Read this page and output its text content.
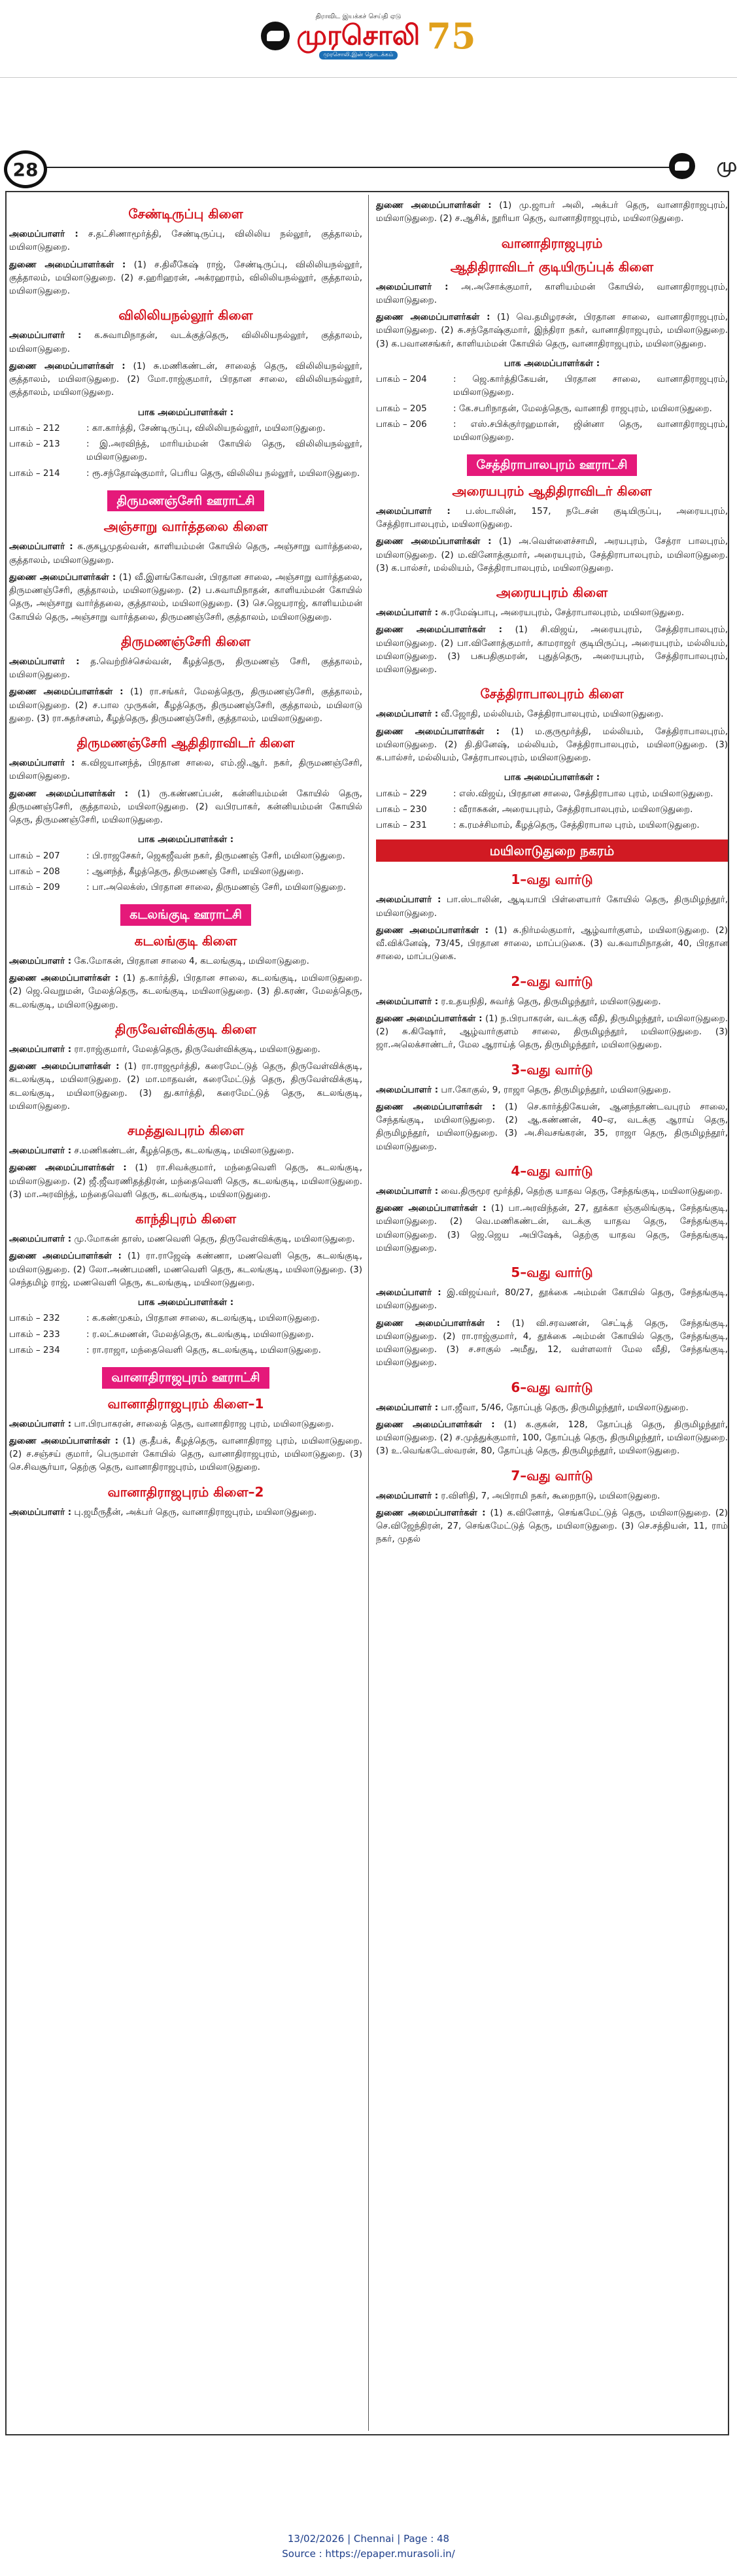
திராவிட இயக்கச் செய்தி ஏடு
முரசொலி
முரசொலி.இன் தொடக்கம் 75
28	மு
சேண்டிருப்பு கிளை
அமைப்பாளர் : ச.தட்சிணாமூர்த்தி, சேண்டிருப்பு, விலிலிய நல்லூர், குத்தாலம், மயிலாடுதுறை.
துணை அமைப்பாளர்கள் : (1) ச.திலீகேஷ் ராஜ், சேண்டிருப்பு, விலிலியநல்லூர், குத்தாலம், மயிலாடுதுறை. (2) ச.ஹரிஹரன், அக்ரஹாரம், விலிலியநல்லூர், குத்தாலம், மயிலாடுதுறை.
விலிலியநல்லூர் கிளை
அமைப்பாளர் : க.சுவாமிநாதன், வடக்குத்தெரு, விலிலியநல்லூர், குத்தாலம், மயிலாடுதுறை.
துணை அமைப்பாளர்கள் : (1) சு.மணிகண்டன், சாலைத் தெரு, விலிலியநல்லூர், குத்தாலம், மயிலாடுதுறை. (2) மோ.ராஜ்குமார், பிரதான சாலை, விலிலியநல்லூர், குத்தாலம், மயிலாடுதுறை.
பாக அமைப்பாளர்கள் :
பாகம் – 212	: கா.கார்த்தி, சேண்டிருப்பு, விலிலியநல்லூர், மயிலாடுதுறை.
பாகம் – 213	: இ.அரவிந்த், மாரியம்மன் கோயில் தெரு, விலிலியநல்லூர், மயிலாடுதுறை.
பாகம் – 214	: ரூ.சந்தோஷ்குமார், பெரிய தெரு, விலிலிய நல்லூர், மயிலாடுதுறை.
திருமணஞ்சேரி ஊராட்சி
அஞ்சாறு வார்த்தலை கிளை
அமைப்பாளர் : க.குகபூமுதல்வன், காளியம்மன் கோயில் தெரு, அஞ்சாறு வார்த்தலை, குத்தாலம், மயிலாடுதுறை.
துணை அமைப்பாளர்கள் : (1) வீ.இளங்கோவன், பிரதான சாலை, அஞ்சாறு வார்த்தலை, திருமணஞ்சேரி, குத்தாலம், மயிலாடுதுறை. (2) ப.சுவாமிநாதன், காளியம்மன் கோயில் தெரு, அஞ்சாறு வார்த்தலை, குத்தாலம், மயிலாடுதுறை. (3) செ.ஜெயராஜ், காளியம்மன் கோயில் தெரு, அஞ்சாறு வார்த்தலை, திருமணஞ்சேரி, குத்தாலம், மயிலாடுதுறை.
திருமணஞ்சேரி கிளை
அமைப்பாளர் : த.வெற்றிச்செல்வன், கீழத்தெரு, திருமணஞ் சேரி, குத்தாலம், மயிலாடுதுறை.
துணை அமைப்பாளர்கள் : (1) ரா.சங்கர், மேலத்தெரு, திருமணஞ்சேரி, குத்தாலம், மயிலாடுதுறை. (2) ச.பால முருகன், கீழத்தெரு, திருமணஞ்சேரி, குத்தாலம், மயிலாடு துறை. (3) ரா.சுதர்சனம், கீழத்தெரு, திருமணஞ்சேரி, குத்தாலம், மயிலாடுதுறை.
திருமணஞ்சேரி ஆதிதிராவிடர் கிளை
அமைப்பாளர் : க.விஜயானந்த், பிரதான சாலை, எம்.ஜி.ஆர். நகர், திருமணஞ்சேரி, மயிலாடுதுறை.
துணை அமைப்பாளர்கள் : (1) ரு.கண்ணப்பன், கன்னியம்மன் கோயில் தெரு, திருமணஞ்சேரி, குத்தாலம், மயிலாடுதுறை. (2) வபிரபாகர், கன்னியம்மன் கோயில் தெரு, திருமணஞ்சேரி, மயிலாடுதுறை.
பாக அமைப்பாளர்கள் :
பாகம் – 207	: பி.ராஜசேகர், ஜெகஜீவன் நகர், திருமணஞ் சேரி, மயிலாடுதுறை.
பாகம் – 208	: ஆனந்த், கீழத்தெரு, திருமணஞ் சேரி, மயிலாடுதுறை.
பாகம் – 209	: பா.அலெக்ஸ், பிரதான சாலை, திருமணஞ் சேரி, மயிலாடுதுறை.
கடலங்குடி ஊராட்சி
கடலங்குடி கிளை
அமைப்பாளர் : கே.மோகன், பிரதான சாலை 4, கடலங்குடி, மயிலாடுதுறை.
துணை அமைப்பாளர்கள் : (1) த.கார்த்தி, பிரதான சாலை, கடலங்குடி, மயிலாடுதுறை. (2) ஜெ.வெறுமன், மேலத்தெரு, கடலங்குடி, மயிலாடுதுறை. (3) தி.கரண், மேலத்தெரு, கடலங்குடி, மயிலாடுதுறை.
திருவேள்விக்குடி கிளை
அமைப்பாளர் : ரா.ராஜ்குமார், மேலத்தெரு, திருவேள்விக்குடி, மயிலாடுதுறை.
துணை அமைப்பாளர்கள் : (1) ரா.ராஜமூர்த்தி, கரைமேட்டுத் தெரு, திருவேள்விக்குடி, கடலங்குடி, மயிலாடுதுறை. (2) மா.மாதவன், கரைமேட்டுத் தெரு, திருவேள்விக்குடி, கடலங்குடி, மயிலாடுதுறை. (3) து.கார்த்தி, கரைமேட்டுத் தெரு, கடலங்குடி, மயிலாடுதுறை.
சமத்துவபுரம் கிளை
அமைப்பாளர் : ச.மணிகண்டன், கீழத்தெரு, கடலங்குடி, மயிலாடுதுறை.
துணை அமைப்பாளர்கள் : (1) ரா.சிவக்குமார், மந்தைவெளி தெரு, கடலங்குடி, மயிலாடுதுறை. (2) ஜீ.ஜீவரணிதத்திரன், மந்தைவெளி தெரு, கடலங்குடி, மயிலாடுதுறை. (3) மா.அரவிந்த், மந்தைவெளி தெரு, கடலங்குடி, மயிலாடுதுறை.
காந்திபுரம் கிளை
அமைப்பாளர் : மு.மோகன் தாஸ், மணவெளி தெரு, திருவேள்விக்குடி, மயிலாடுதுறை.
துணை அமைப்பாளர்கள் : (1) ரா.ராஜேஷ் கண்ணா, மணவெளி தெரு, கடலங்குடி, மயிலாடுதுறை. (2) லோ.அண்பமணி, மணவெளி தெரு, கடலங்குடி, மயிலாடுதுறை. (3) செந்தமிழ் ராஜ், மணவெளி தெரு, கடலங்குடி, மயிலாடுதுறை.
பாக அமைப்பாளர்கள் :
பாகம் – 232	: க.கண்முகம், பிரதான சாலை, கடலங்குடி, மயிலாடுதுறை.
பாகம் – 233	: ர.லட்சுமணன், மேலத்தெரு, கடலங்குடி, மயிலாடுதுறை.
பாகம் – 234	: ரா.ராஜா, மந்தைவெளி தெரு, கடலங்குடி, மயிலாடுதுறை.
வானாதிராஜபுரம் ஊராட்சி
வானாதிராஜபுரம் கிளை–1
அமைப்பாளர் : பா.பிரபாகரன், சாலைத் தெரு, வானாதிராஜ புரம், மயிலாடுதுறை.
துணை அமைப்பாளர்கள் : (1) கு.தீபக், கீழத்தெரு, வானாதிராஜ புரம், மயிலாடுதுறை. (2) ச.சஞ்சய் குமார், பெருமாள் கோயில் தெரு, வானாதிராஜபுரம், மயிலாடுதுறை. (3) செ.சிவசூர்யா, தெற்கு தெரு, வானாதிராஜபுரம், மயிலாடுதுறை.
வானாதிராஜபுரம் கிளை–2
அமைப்பாளர் : பு.ஜமீருதீன், அக்பர் தெரு, வானாதிராஜபுரம், மயிலாடுதுறை.
துணை அமைப்பாளர்கள் : (1) மு.ஜாபர் அலி, அக்பர் தெரு, வானாதிராஜபுரம், மயிலாடுதுறை. (2) ச.ஆசிக், நூரியா தெரு, வானாதிராஜபுரம், மயிலாடுதுறை.
வானாதிராஜபுரம்
ஆதிதிராவிடர் குடியிருப்புக் கிளை
அமைப்பாளர் : அ.அசோக்குமார், காளியம்மன் கோயில், வானாதிராஜபுரம், மயிலாடுதுறை.
துணை அமைப்பாளர்கள் : (1) வெ.தமிழரசன், பிரதான சாலை, வானாதிராஜபுரம், மயிலாடுதுறை. (2) சு.சந்தோஷ்குமார், இந்திரா நகர், வானாதிராஜபுரம், மயிலாடுதுறை. (3) க.பவானசங்கர், காளியம்மன் கோயில் தெரு, வானாதிராஜபுரம், மயிலாடுதுறை.
பாக அமைப்பாளர்கள் :
பாகம் – 204	: ஜெ.கார்த்திகேயன், பிரதான சாலை, வானாதிராஜபுரம், மயிலாடுதுறை.
பாகம் – 205	: கே.சபரிநாதன், மேலத்தெரு, வானாதி ராஜபுரம், மயிலாடுதுறை.
பாகம் – 206	: எஸ்.சபிக்குர்ரஹமான், ஜின்னா தெரு, வானாதிராஜபுரம், மயிலாடுதுறை.
சேத்திராபாலபுரம் ஊராட்சி
அரையபுரம் ஆதிதிராவிடர் கிளை
அமைப்பாளர் : ப.ஸ்டாலின், 157, நடேசன் குடியிருப்பு, அரையபுரம், சேத்திராபாலபுரம், மயிலாடுதுறை.
துணை அமைப்பாளர்கள் : (1) அ.வெள்ளைச்சாமி, அரயபுரம், சேத்ரா பாலபுரம், மயிலாடுதுறை. (2) ம.வினோத்குமார், அரையபுரம், சேத்திராபாலபுரம், மயிலாடுதுறை. (3) க.பால்சர், மல்லியம், சேத்திராபாலபுரம், மயிலாடுதுறை.
அரையபுரம் கிளை
அமைப்பாளர் : சு.ரமேஷ்பாபு, அரையபுரம், சேத்ராபாலபுரம், மயிலாடுதுறை.
துணை அமைப்பாளர்கள் : (1) சி.விஜய், அரையபுரம், சேத்திராபாலபுரம், மயிலாடுதுறை. (2) பா.வினோத்குமார், காமராஜர் குடியிருப்பு, அரையபுரம், மல்லியம், மயிலாடுதுறை. (3) பசுபதிகுமரன், புதுத்தெரு, அரையபுரம், சேத்திராபாலபுரம், மயிலாடுதுறை.
சேத்திராபாலபுரம் கிளை
அமைப்பாளர் : வீ.ஜோதி, மல்லியம், சேத்திராபாலபுரம், மயிலாடுதுறை.
துணை அமைப்பாளர்கள் : (1) ம.குருமூர்த்தி, மல்லியம், சேத்திராபாலபுரம், மயிலாடுதுறை. (2) தி.தினேஷ், மல்லியம், சேத்திராபாலபுரம், மயிலாடுதுறை. (3) க.பால்சர், மல்லியம், சேத்ராபாலபுரம், மயிலாடுதுறை.
பாக அமைப்பாளர்கள் :
பாகம் – 229	: எஸ்.விஜய், பிரதான சாலை, சேத்திராபால புரம், மயிலாடுதுறை.
பாகம் – 230	: வீராசுகன், அரையபுரம், சேத்திராபாலபுரம், மயிலாடுதுறை.
பாகம் – 231	: க.ரமச்சிமாம், கீழத்தெரு, சேத்திராபால புரம், மயிலாடுதுறை.
மயிலாடுதுறை நகரம்
1–வது வார்டு
அமைப்பாளர் : பா.ஸ்டாலின், ஆடியாபி பிள்ளையார் கோயில் தெரு, திருமிழந்தூர், மயிலாடுதுறை.
துணை அமைப்பாளர்கள் : (1) சு.நிர்மல்குமார், ஆழ்வார்குளம், மயிலாடுதுறை. (2) வீ.விக்னேஷ், 73/45, பிரதான சாலை, மாப்படுகை. (3) வ.சுவாமிநாதன், 40, பிரதான சாலை, மாப்படுகை.
2–வது வார்டு
அமைப்பாளர் : ர.உதயநிதி, சுவர்த் தெரு, திருமிழந்தூர், மயிலாடுதுறை.
துணை அமைப்பாளர்கள் : (1) ந.பிரபாகரன், வடக்கு வீதி, திருமிழந்தூர், மயிலாடுதுறை. (2) சு.கிஷோர், ஆழ்வார்குளம் சாலை, திருமிழந்தூர், மயிலாடுதுறை. (3) ஜா.அலெக்சாண்டர், மேல ஆராய்த் தெரு, திருமிழந்தூர், மயிலாடுதுறை.
3–வது வார்டு
அமைப்பாளர் : பா.கோகுல், 9, ராஜா தெரு, திருமிழந்தூர், மயிலாடுதுறை.
துணை அமைப்பாளர்கள் : (1) செ.கார்த்திகேயன், ஆனந்தாண்டவபுரம் சாலை, சேந்தங்குடி, மயிலாடுதுறை. (2) ஆ.கண்ணன், 40–ஏ, வடக்கு ஆராய் தெரு, திருமிழந்தூர், மயிலாடுதுறை. (3) அ.சிவசங்கரன், 35, ராஜா தெரு, திருமிழந்தூர், மயிலாடுதுறை.
4–வது வார்டு
அமைப்பாளர் : வை.திருமூர மூர்த்தி, தெற்கு யாதவ தெரு, சேந்தங்குடி, மயிலாடுதுறை.
துணை அமைப்பாளர்கள் : (1) பா.அரவிந்தன், 27, தூக்கா ஞ்குலிங்குடி, சேந்தங்குடி, மயிலாடுதுறை. (2) வெ.மணிகண்டன், வடக்கு யாதவ தெரு, சேந்தங்குடி, மயிலாடுதுறை. (3) ஜெ.ஜெய அபிஷேக், தெற்கு யாதவ தெரு, சேந்தங்குடி, மயிலாடுதுறை.
5–வது வார்டு
அமைப்பாளர் : இ.விஜய்வர், 80/27, தூக்கை அம்மன் கோயில் தெரு, சேந்தங்குடி, மயிலாடுதுறை.
துணை அமைப்பாளர்கள் : (1) வி.சரவணன், செட்டித் தெரு, சேந்தங்குடி, மயிலாடுதுறை. (2) ரா.ராஜ்குமார், 4, தூக்கை அம்மன் கோயில் தெரு, சேந்தங்குடி, மயிலாடுதுறை. (3) ச.சாகுல் அமீது, 12, வள்ளலார் மேல வீதி, சேந்தங்குடி, மயிலாடுதுறை.
6–வது வார்டு
அமைப்பாளர் : பா.ஜீவா, 5/46, தோப்புத் தெரு, திருமிழந்தூர், மயிலாடுதுறை.
துணை அமைப்பாளர்கள் : (1) க.குகன், 128, தோப்புத் தெரு, திருமிழந்தூர், மயிலாடுதுறை. (2) ச.முத்துக்குமார், 100, தோப்புத் தெரு, திருமிழந்தூர், மயிலாடுதுறை. (3) உ.வெங்கடேஸ்வரன், 80, தோப்புத் தெரு, திருமிழந்தூர், மயிலாடுதுறை.
7–வது வார்டு
அமைப்பாளர் : ர.விளிதி, 7, அபிராமி நகர், கூறைநாடு, மயிலாடுதுறை.
துணை அமைப்பாளர்கள் : (1) க.வினோத், செங்கமேட்டுத் தெரு, மயிலாடுதுறை. (2) செ.விஜேந்திரன், 27, செங்கமேட்டுத் தெரு, மயிலாடுதுறை. (3) செ.சத்தியன், 11, ராம் நகர், முதல்
13/02/2026 | Chennai | Page : 48
Source : https://epaper.murasoli.in/
